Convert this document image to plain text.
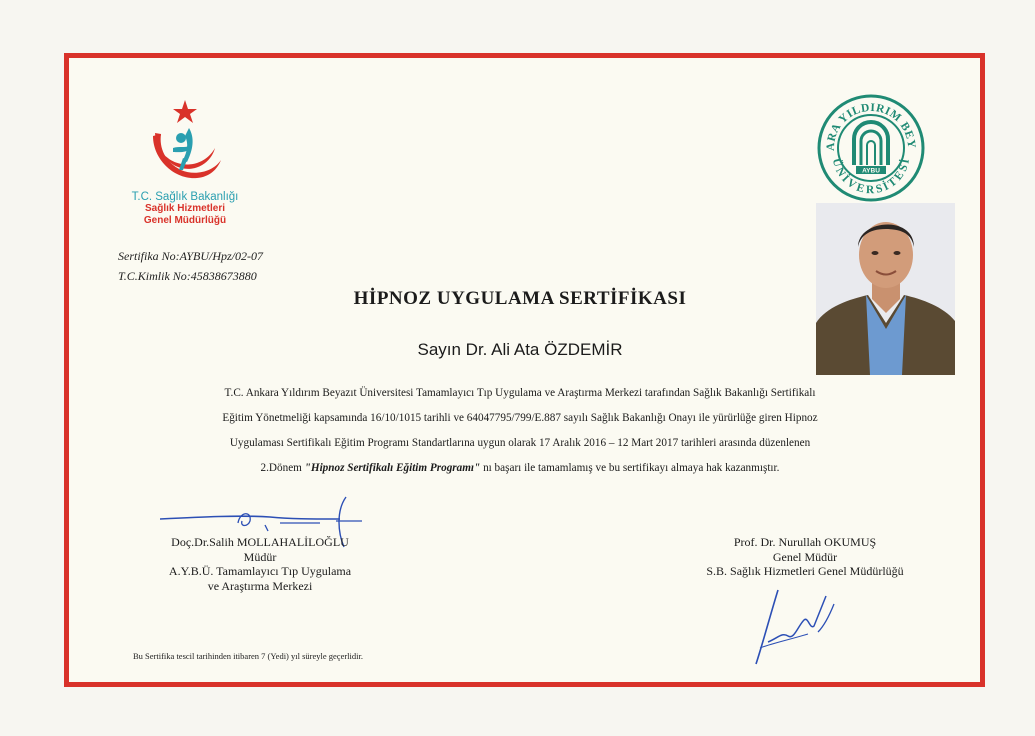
T.C. Sağlık Bakanlığı
Sağlık Hizmetleri
Genel Müdürlüğü
Sertifika No:AYBU/Hpz/02-07
T.C.Kimlik No:45838673880
ARA YILDIRIM BEY
ÜNİVERSİTESİ
AYBU
HİPNOZ UYGULAMA SERTİFİKASI
Sayın Dr. Ali Ata ÖZDEMİR

T.C. Ankara Yıldırım Beyazıt Üniversitesi Tamamlayıcı Tıp Uygulama ve Araştırma Merkezi tarafından Sağlık Bakanlığı Sertifikalı

Eğitim Yönetmeliği kapsamında 16/10/1015 tarihli ve 64047795/799/E.887 sayılı Sağlık Bakanlığı Onayı ile yürürlüğe giren Hipnoz

Uygulaması Sertifikalı Eğitim Programı Standartlarına uygun olarak 17 Aralık 2016 – 12 Mart 2017 tarihleri arasında düzenlenen

2.Dönem "Hipnoz Sertifikalı Eğitim Programı" nı başarı ile tamamlamış ve bu sertifikayı almaya hak kazanmıştır.

Doç.Dr.Salih MOLLAHALİLOĞLU
Müdür
A.Y.B.Ü. Tamamlayıcı Tıp Uygulama
ve Araştırma Merkezi
Prof. Dr. Nurullah OKUMUŞ
Genel Müdür
S.B. Sağlık Hizmetleri Genel Müdürlüğü
Bu Sertifika tescil tarihinden itibaren 7 (Yedi) yıl süreyle geçerlidir.
